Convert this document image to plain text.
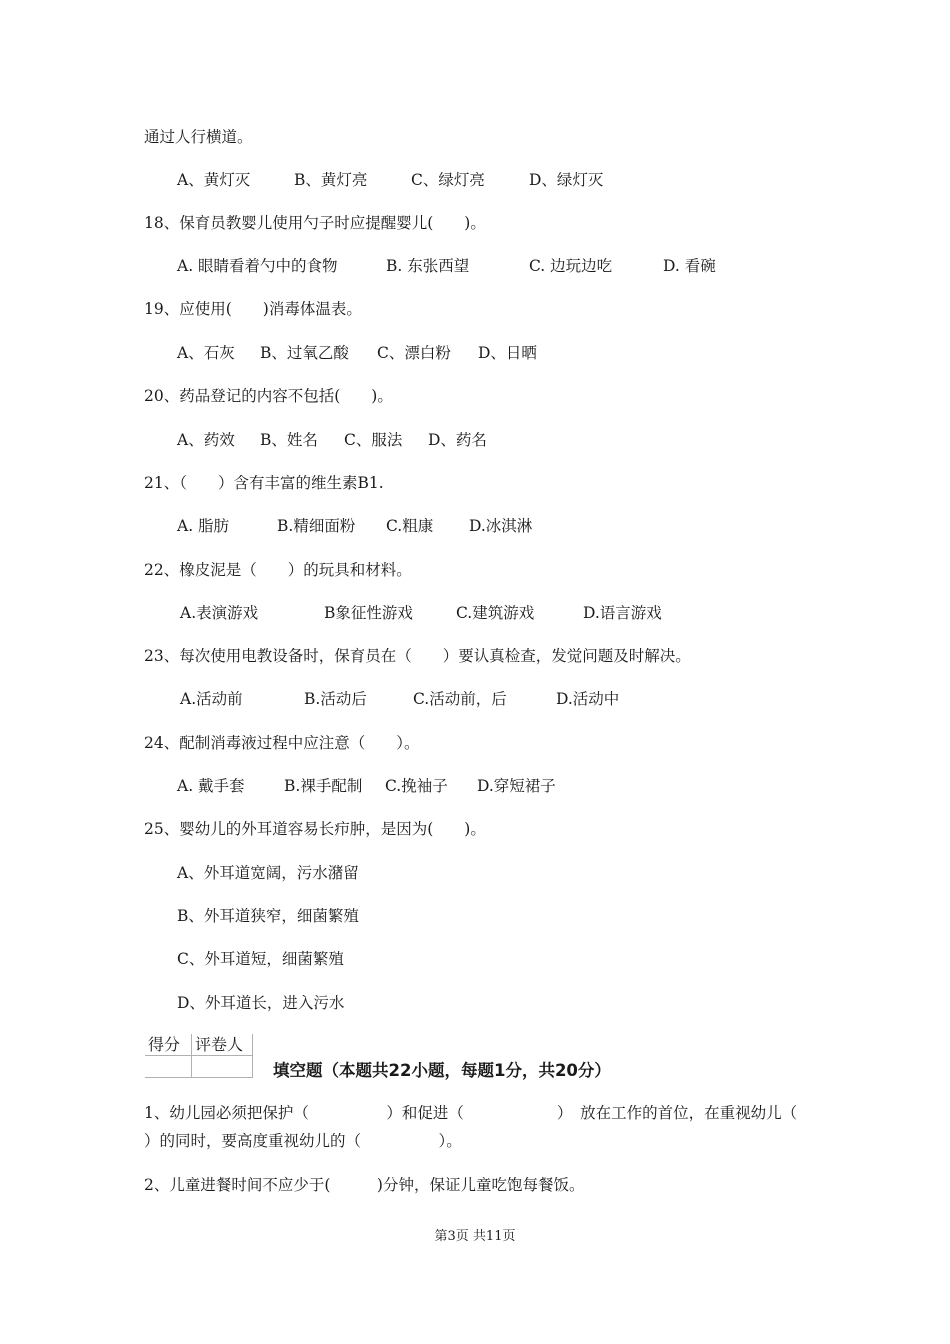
通过人行横道。
A、黄灯灭	B、黄灯亮	C、绿灯亮	D、绿灯灭
18、保育员教婴儿使用勺子时应提醒婴儿(　　)。
A. 眼睛看着勺中的食物	B. 东张西望	C. 边玩边吃	D. 看碗
19、应使用(　　)消毒体温表。
A、石灰	B、过氧乙酸	C、漂白粉	D、日晒
20、药品登记的内容不包括(　　)。
A、药效	B、姓名	C、服法	D、药名
21、（　　）含有丰富的维生素B1.
A. 脂肪	B.精细面粉	C.粗康	D.冰淇淋
22、橡皮泥是（　　）的玩具和材料。
A.表演游戏	B象征性游戏	C.建筑游戏	D.语言游戏
23、每次使用电教设备时，保育员在（　　）要认真检查，发觉问题及时解决。
A.活动前	B.活动后	C.活动前，后	D.活动中
24、配制消毒液过程中应注意（　　）。
A. 戴手套	B.裸手配制	C.挽袖子	D.穿短裙子
25、婴幼儿的外耳道容易长疖肿，是因为(　　)。
A、外耳道宽阔，污水潴留
B、外耳道狭窄，细菌繁殖
C、外耳道短，细菌繁殖
D、外耳道长，进入污水
得分	评卷人

填空题（本题共22小题，每题1分，共20分）
1、幼儿园必须把保护（　　　　　）和促进（　　　　　　）　放在工作的首位，在重视幼儿（
）的同时，要高度重视幼儿的（　　　　　）。
2、儿童进餐时间不应少于(　　　)分钟，保证儿童吃饱每餐饭。
第3页 共11页
